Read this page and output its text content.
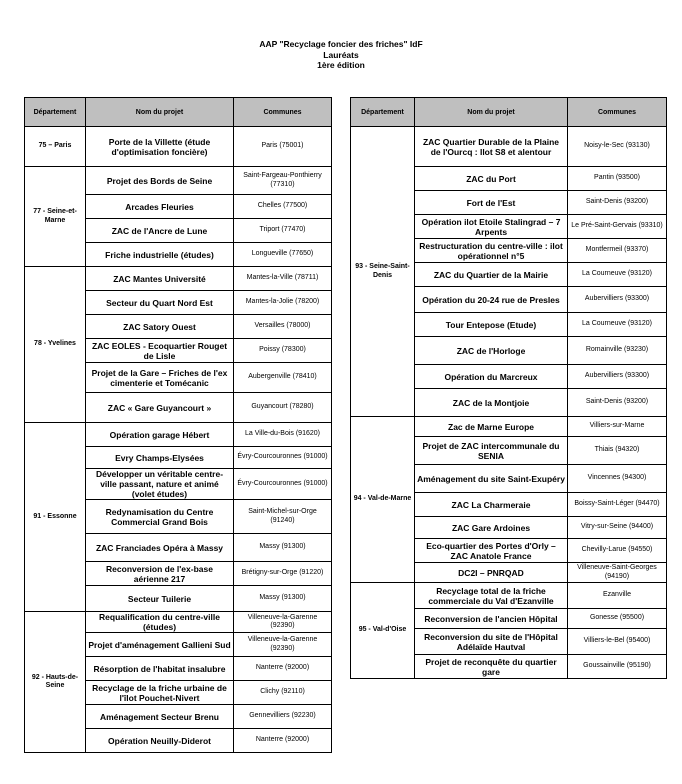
AAP "Recyclage foncier des friches" IdF
Lauréats
1ère édition
Département	Nom du projet	Communes
75 – Paris	Porte de la Villette (étude d'optimisation foncière)	Paris (75001)
77 - Seine-et-Marne	Projet des Bords de Seine	Saint-Fargeau-Ponthierry (77310)
	Arcades Fleuries	Chelles (77500)
	ZAC de l'Ancre de Lune	Triport (77470)
	Friche industrielle (études)	Longueville (77650)
78 - Yvelines	ZAC Mantes Université	Mantes-la-Ville (78711)
	Secteur du Quart Nord Est	Mantes-la-Jolie (78200)
	ZAC Satory Ouest	Versailles (78000)
	ZAC EOLES - Ecoquartier Rouget de Lisle	Poissy (78300)
	Projet de la Gare – Friches de l'ex cimenterie et Tomécanic	Aubergenville (78410)
	ZAC « Gare Guyancourt »	Guyancourt (78280)
91 - Essonne	Opération garage Hébert	La Ville-du-Bois (91620)
	Evry Champs-Elysées	Évry-Courcouronnes (91000)
	Développer un véritable centre-ville passant, nature et animé (volet études)	Évry-Courcouronnes (91000)
	Redynamisation du Centre Commercial Grand Bois	Saint-Michel-sur-Orge (91240)
	ZAC Franciades Opéra à Massy	Massy (91300)
	Reconversion de l'ex-base aérienne 217	Brétigny-sur-Orge (91220)
	Secteur Tuilerie	Massy (91300)
92 - Hauts-de-Seine	Requalification du centre-ville (études)	Villeneuve-la-Garenne (92390)
	Projet d'aménagement Gallieni Sud	Villeneuve-la-Garenne (92390)
	Résorption de l'habitat insalubre	Nanterre (92000)
	Recyclage de la friche urbaine de l'îlot Pouchet-Nivert	Clichy (92110)
	Aménagement Secteur Brenu	Gennevilliers (92230)
	Opération Neuilly-Diderot	Nanterre (92000)
Département	Nom du projet	Communes
93 - Seine-Saint-Denis	ZAC Quartier Durable de la Plaine de l'Ourcq : Ilot S8 et alentour	Noisy-le-Sec (93130)
	ZAC du Port	Pantin (93500)
	Fort de l'Est	Saint-Denis (93200)
	Opération ilot Etoile Stalingrad – 7 Arpents	Le Pré-Saint-Gervais (93310)
	Restructuration du centre-ville : ilot opérationnel n°5	Montfermeil (93370)
	ZAC du Quartier de la Mairie	La Courneuve (93120)
	Opération du 20-24 rue de Presles	Aubervilliers (93300)
	Tour Entepose (Etude)	La Courneuve (93120)
	ZAC de l'Horloge	Romainville (93230)
	Opération du Marcreux	Aubervilliers (93300)
	ZAC de la Montjoie	Saint-Denis (93200)
94 - Val-de-Marne	Zac de Marne Europe	Villiers-sur-Marne
	Projet de ZAC intercommunale du SENIA	Thiais (94320)
	Aménagement du site Saint-Exupéry	Vincennes (94300)
	ZAC La Charmeraie	Boissy-Saint-Léger (94470)
	ZAC Gare Ardoines	Vitry-sur-Seine (94400)
	Eco-quartier des Portes d'Orly – ZAC Anatole France	Chevilly-Larue (94550)
	DC2I – PNRQAD	Villeneuve-Saint-Georges (94190)
95 - Val-d'Oise	Recyclage total de la friche commerciale du Val d'Ezanville	Ezanville
	Reconversion de l'ancien Hôpital	Gonesse (95500)
	Reconversion du site de l'Hôpital Adélaïde Hautval	Villiers-le-Bel (95400)
	Projet de reconquête du quartier gare	Goussainville (95190)
